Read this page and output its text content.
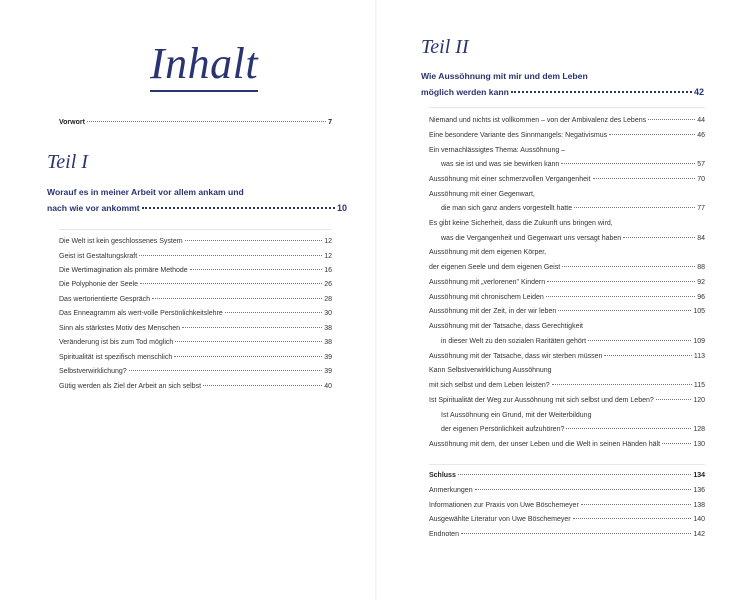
Inhalt
Vorwort	7
Teil I
Worauf es in meiner Arbeit vor allem ankam und
nach wie vor ankommt	10
Die Welt ist kein geschlossenes System	12
Geist ist Gestaltungskraft	12
Die Wertimagination als primäre Methode	16
Die Polyphonie der Seele	26
Das wertorientierte Gespräch	28
Das Enneagramm als wert-volle Persönlichkeitslehre	30
Sinn als stärkstes Motiv des Menschen	38
Veränderung ist bis zum Tod möglich	38
Spiritualität ist spezifisch menschlich	39
Selbstverwirklichung?	39
Gütig werden als Ziel der Arbeit an sich selbst	40
Teil II
Wie Aussöhnung mit mir und dem Leben
möglich werden kann	42
Niemand und nichts ist vollkommen – von der Ambivalenz des Lebens	44
Eine besondere Variante des Sinnmangels: Negativismus	46
Ein vernachlässigtes Thema: Aussöhnung –
was sie ist und was sie bewirken kann	57
Aussöhnung mit einer schmerzvollen Vergangenheit	70
Aussöhnung mit einer Gegenwart,
die man sich ganz anders vorgestellt hatte	77
Es gibt keine Sicherheit, dass die Zukunft uns bringen wird,
was die Vergangenheit und Gegenwart uns versagt haben	84
Aussöhnung mit dem eigenen Körper,
der eigenen Seele und dem eigenen Geist	88
Aussöhnung mit „verlorenen" Kindern	92
Aussöhnung mit chronischem Leiden	96
Aussöhnung mit der Zeit, in der wir leben	105
Aussöhnung mit der Tatsache, dass Gerechtigkeit
in dieser Welt zu den sozialen Raritäten gehört	109
Aussöhnung mit der Tatsache, dass wir sterben müssen	113
Kann Selbstverwirklichung Aussöhnung
mit sich selbst und dem Leben leisten?	115
Ist Spiritualität der Weg zur Aussöhnung mit sich selbst und dem Leben?	120
Ist Aussöhnung ein Grund, mit der Weiterbildung
der eigenen Persönlichkeit aufzuhören?	128
Aussöhnung mit dem, der unser Leben und die Welt in seinen Händen hält	130
Schluss	134
Anmerkungen	136
Informationen zur Praxis von Uwe Böschemeyer	138
Ausgewählte Literatur von Uwe Böschemeyer	140
Endnoten	142
